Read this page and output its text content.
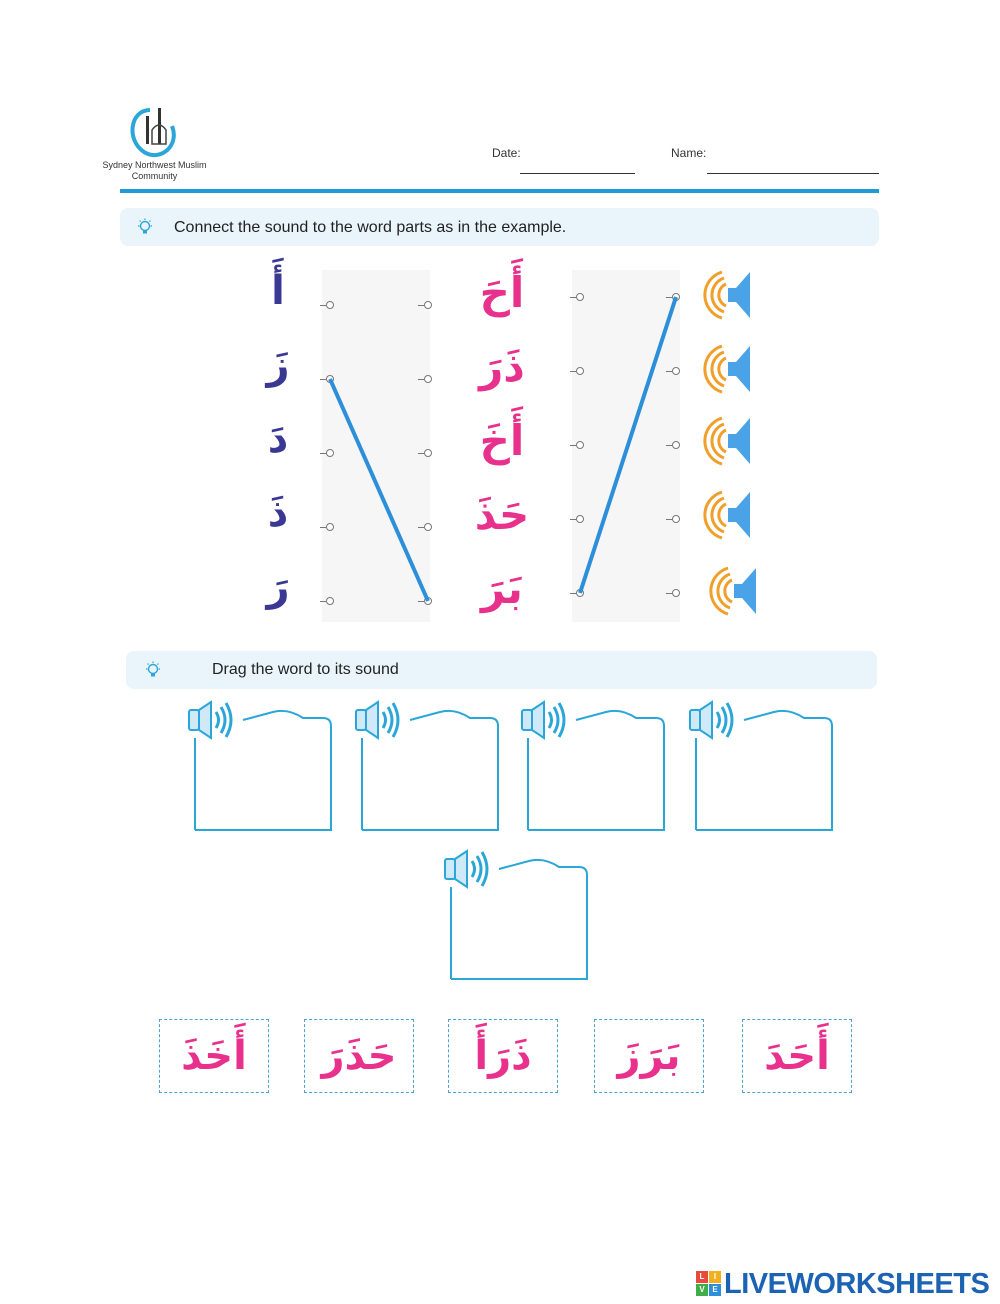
Sydney Northwest Muslim Community
Date:	Name:
Connect the sound to the word parts as in the example.
أَ
زَ
دَ
ذَ
رَ
أَحَ
ذَرَ
أَخَ
حَذَ
بَرَ
Drag the word to its sound
أَخَذَ	حَذَرَ	ذَرَأَ	بَرَزَ	أَحَدَ
L	I
V E LIVEWORKSHEETS
